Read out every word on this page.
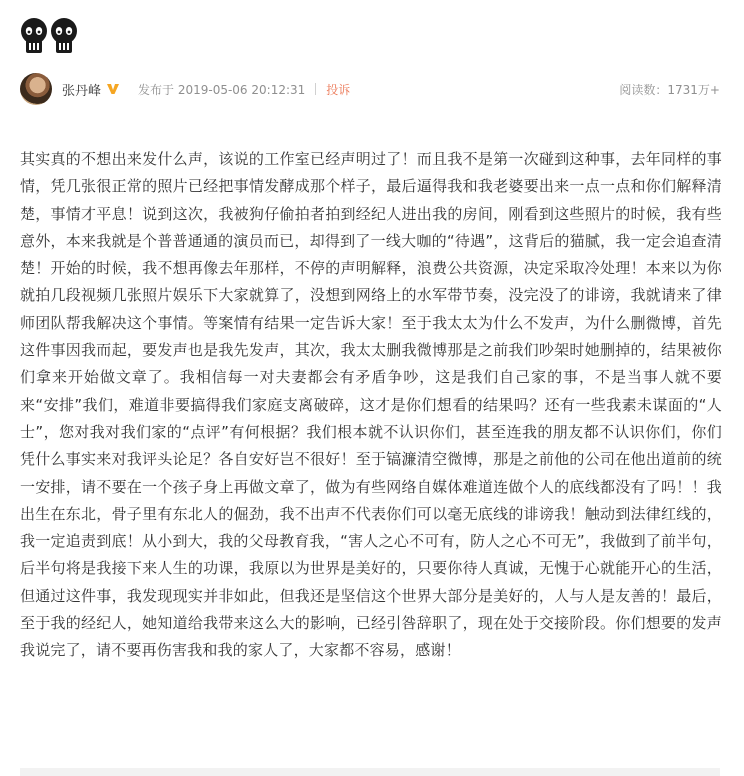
张丹峰	发布于 2019-05-06 20:12:31 投诉	阅读数：1731万+

其实真的不想出来发什么声，该说的工作室已经声明过了！而且我不是第一次碰到这种事，去年同样的事情，凭几张很正常的照片已经把事情发酵成那个样子，最后逼得我和我老婆要出来一点一点和你们解释清楚，事情才平息！说到这次，我被狗仔偷拍者拍到经纪人进出我的房间，刚看到这些照片的时候，我有些意外，本来我就是个普普通通的演员而已，却得到了一线大咖的“待遇”，这背后的猫腻，我一定会追查清楚！开始的时候，我不想再像去年那样，不停的声明解释，浪费公共资源，决定采取冷处理！本来以为你就拍几段视频几张照片娱乐下大家就算了，没想到网络上的水军带节奏，没完没了的诽谤，我就请来了律师团队帮我解决这个事情。等案情有结果一定告诉大家！至于我太太为什么不发声，为什么删微博，首先这件事因我而起，要发声也是我先发声，其次，我太太删我微博那是之前我们吵架时她删掉的，结果被你们拿来开始做文章了。我相信每一对夫妻都会有矛盾争吵，这是我们自己家的事，不是当事人就不要来“安排”我们，难道非要搞得我们家庭支离破碎，这才是你们想看的结果吗？还有一些我素未谋面的“人士”，您对我对我们家的“点评”有何根据？我们根本就不认识你们，甚至连我的朋友都不认识你们，你们凭什么事实来对我评头论足？各自安好岂不很好！至于镐濂清空微博，那是之前他的公司在他出道前的统一安排，请不要在一个孩子身上再做文章了，做为有些网络自媒体难道连做个人的底线都没有了吗！！我出生在东北，骨子里有东北人的倔劲，我不出声不代表你们可以毫无底线的诽谤我！触动到法律红线的，我一定追责到底！从小到大，我的父母教育我，“害人之心不可有，防人之心不可无”，我做到了前半句，后半句将是我接下来人生的功课，我原以为世界是美好的，只要你待人真诚，无愧于心就能开心的生活，但通过这件事，我发现现实并非如此，但我还是坚信这个世界大部分是美好的，人与人是友善的！最后，至于我的经纪人，她知道给我带来这么大的影响，已经引咎辞职了，现在处于交接阶段。你们想要的发声我说完了，请不要再伤害我和我的家人了，大家都不容易，感谢！
